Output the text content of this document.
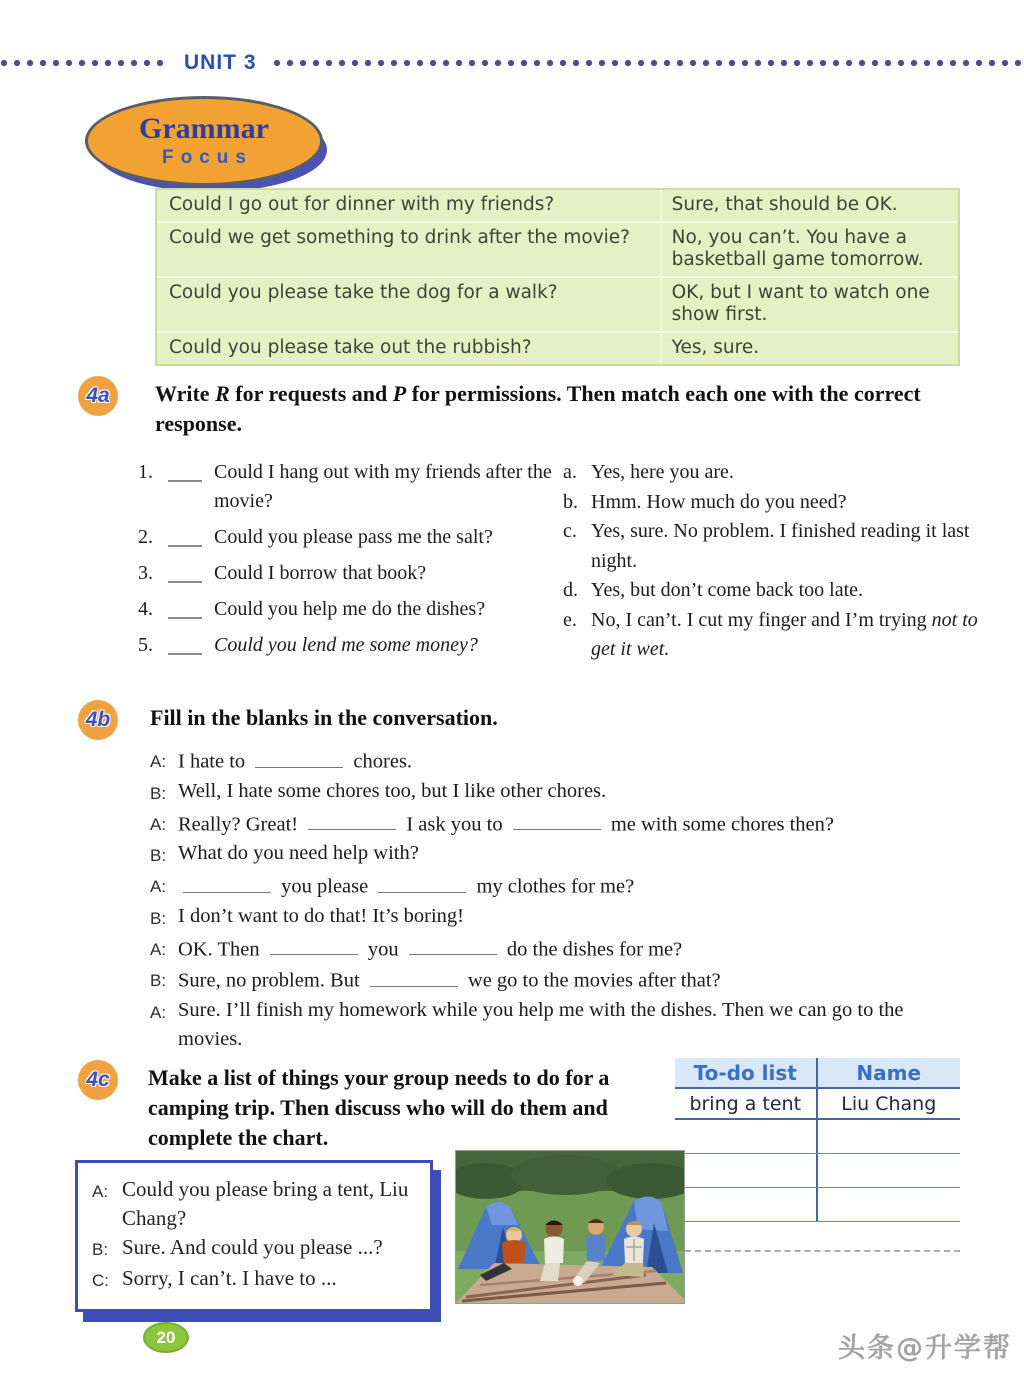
UNIT 3
Grammar
Focus
Could I go out for dinner with my friends?	Sure, that should be OK.
Could we get something to drink after the movie?	No, you can’t. You have a basketball game tomorrow.
Could you please take the dog for a walk?	OK, but I want to watch one show first.
Could you please take out the rubbish?	Yes, sure.
4a	Write R for requests and P for permissions. Then match each one with the correct response.
1.	Could I hang out with my friends after the movie?
2.	Could you please pass me the salt?
3.	Could I borrow that book?
4.	Could you help me do the dishes?
5.	Could you lend me some money?
a. Yes, here you are.
b. Hmm. How much do you need?
c. Yes, sure. No problem. I finished reading it last night.
d. Yes, but don’t come back too late.
e. No, I can’t. I cut my finger and I’m trying not to get it wet.
4b	Fill in the blanks in the conversation.
A: I hate to	chores.
B: Well, I hate some chores too, but I like other chores.
A: Really? Great!	I ask you to	me with some chores then?
B: What do you need help with?
A:	you please	my clothes for me?
B: I don’t want to do that! It’s boring!
A: OK. Then	you	do the dishes for me?
B: Sure, no problem. But	we go to the movies after that?
A: Sure. I’ll finish my homework while you help me with the dishes. Then we can go to the movies.
4c	Make a list of things your group needs to do for a camping trip. Then discuss who will do them and complete the chart.
To-do list	Name
bring a tent	Liu Chang
A: Could you please bring a tent, Liu Chang?
B: Sure. And could you please ...?
C: Sorry, I can’t. I have to ...
20	头条@升学帮
